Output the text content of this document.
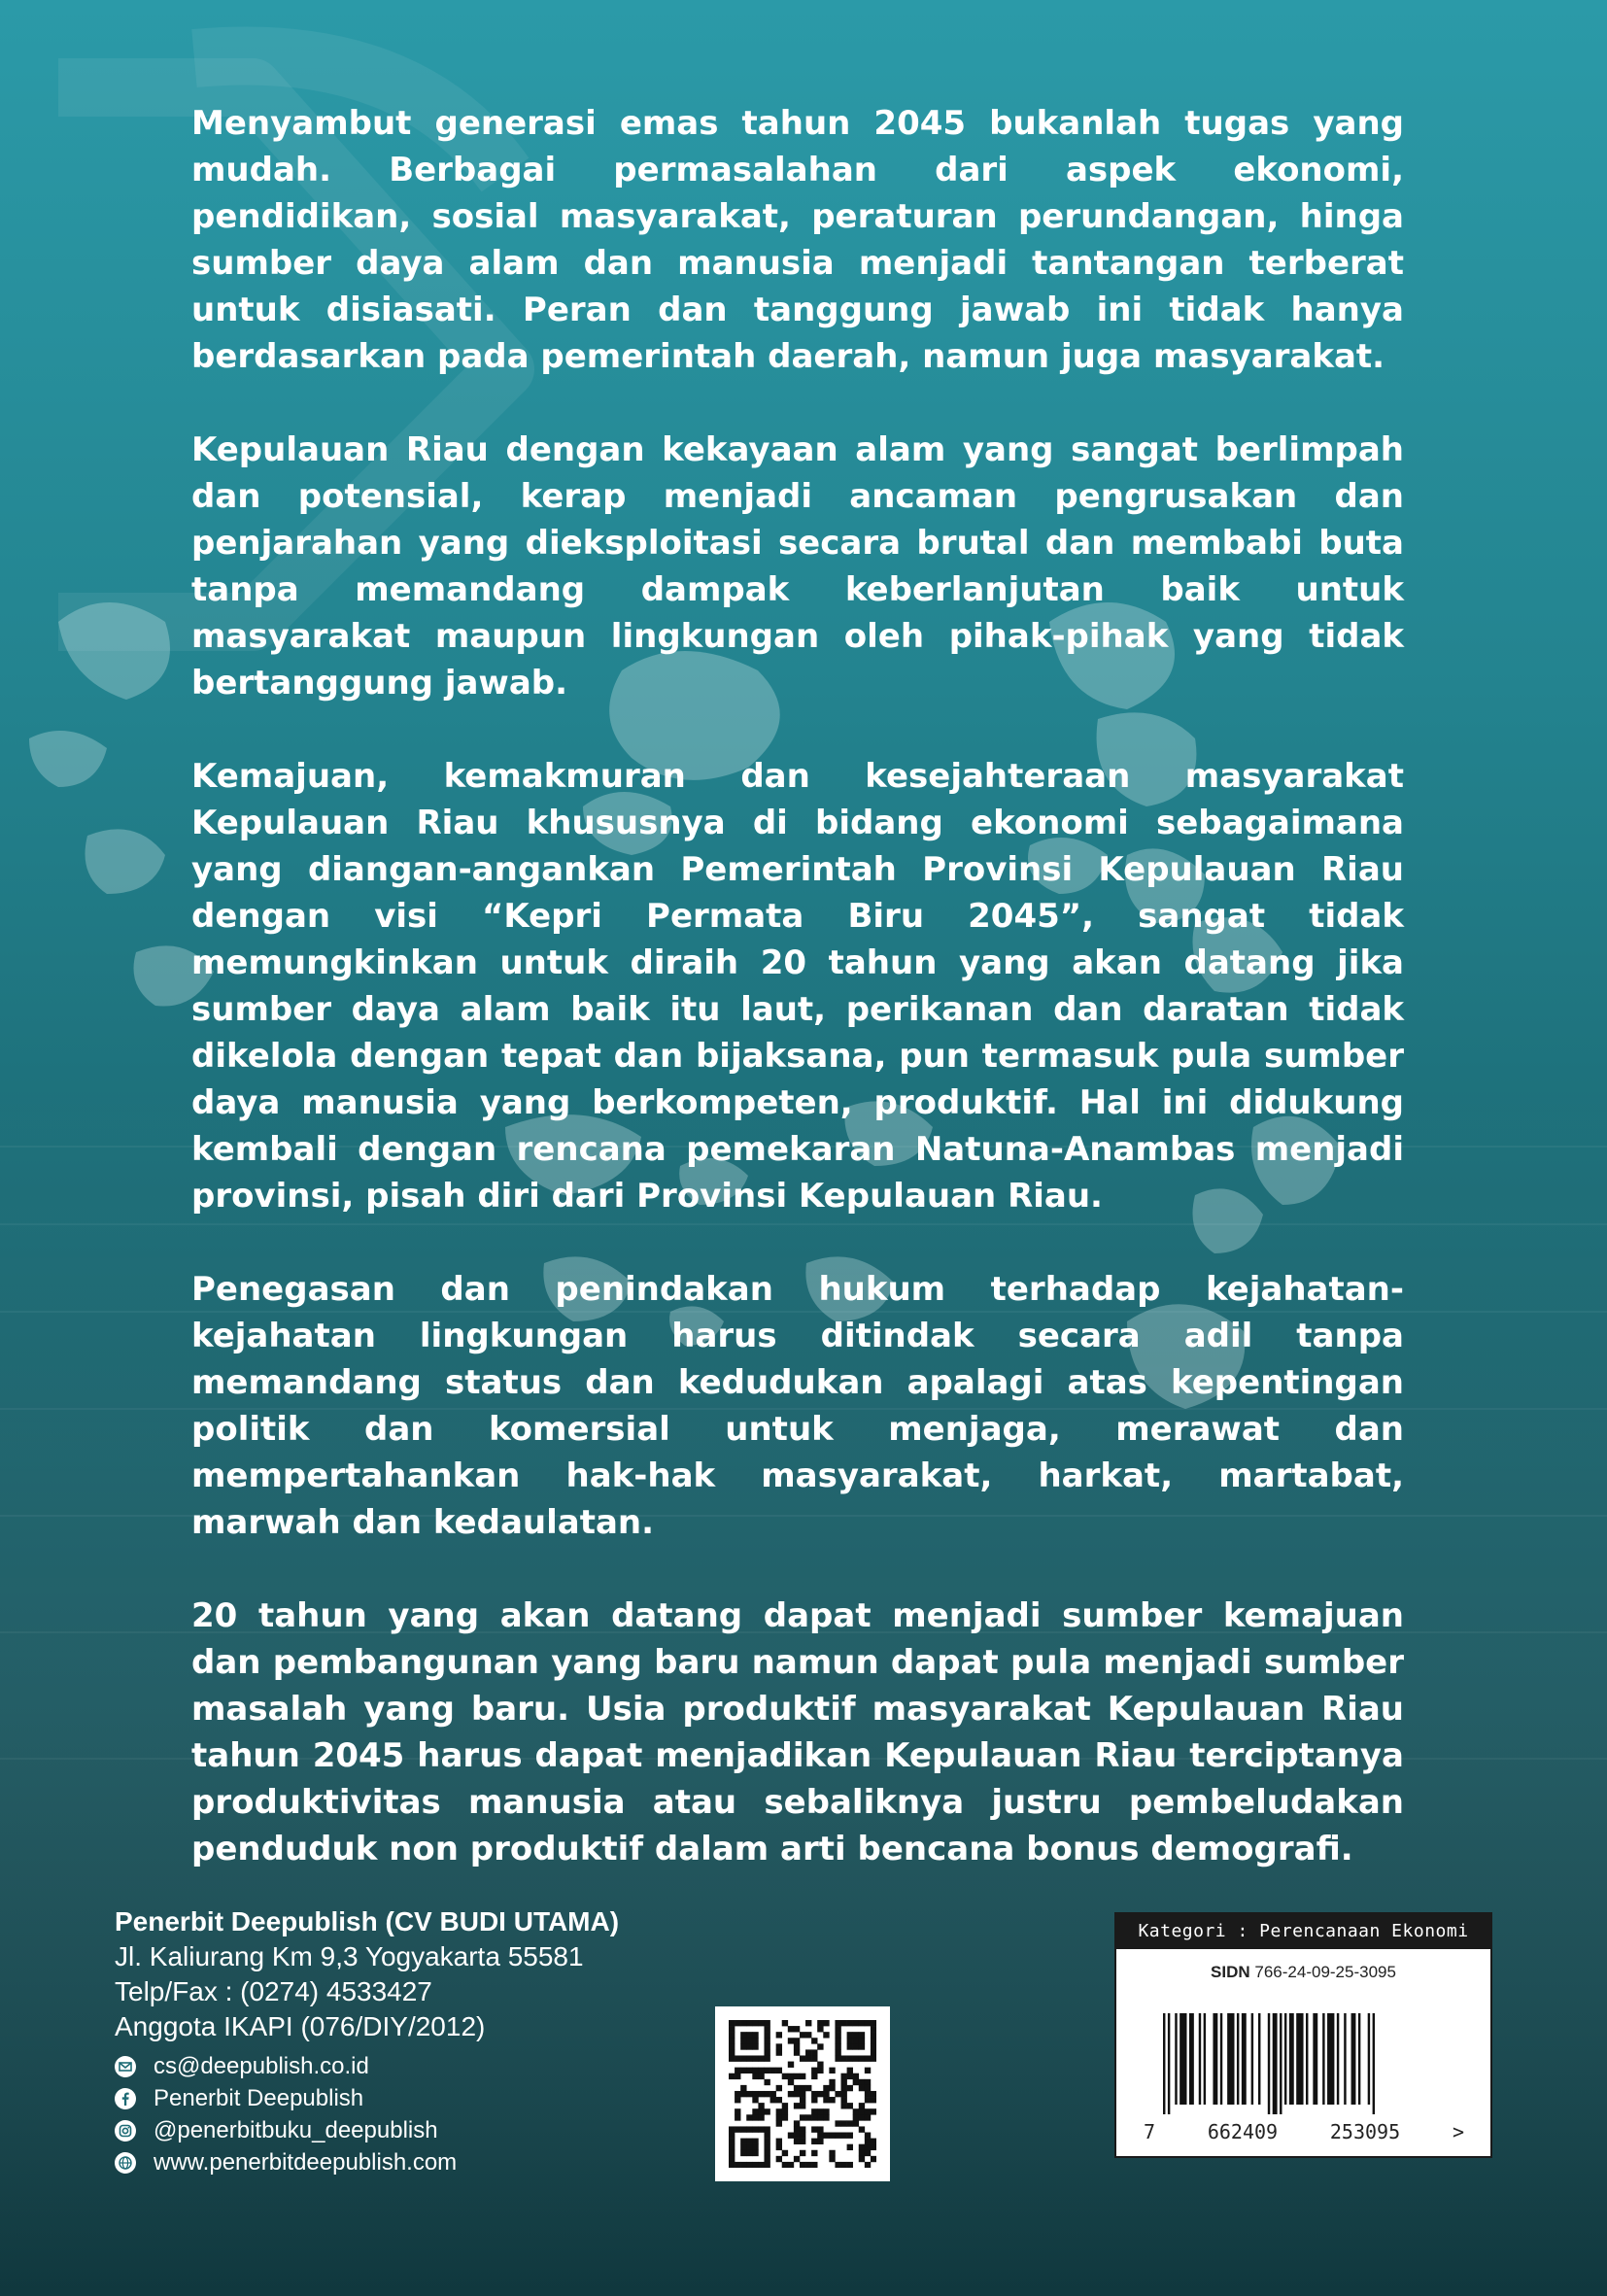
Menyambut generasi emas tahun 2045 bukanlah tugas yang mudah. Berbagai permasalahan dari aspek ekonomi, pendidikan, sosial masyarakat, peraturan perundangan, hinga sumber daya alam dan manusia menjadi tantangan terberat untuk disiasati. Peran dan tanggung jawab ini tidak hanya berdasarkan pada pemerintah daerah, namun juga masyarakat.

Kepulauan Riau dengan kekayaan alam yang sangat berlimpah dan potensial, kerap menjadi ancaman pengrusakan dan penjarahan yang dieksploitasi secara brutal dan membabi buta tanpa memandang dampak keberlanjutan baik untuk masyarakat maupun lingkungan oleh pihak-pihak yang tidak bertanggung jawab.

Kemajuan, kemakmuran dan kesejahteraan masyarakat Kepulauan Riau khususnya di bidang ekonomi sebagaimana yang diangan-angankan Pemerintah Provinsi Kepulauan Riau dengan visi “Kepri Permata Biru 2045”, sangat tidak memungkinkan untuk diraih 20 tahun yang akan datang jika sumber daya alam baik itu laut, perikanan dan daratan tidak dikelola dengan tepat dan bijaksana, pun termasuk pula sumber daya manusia yang berkompeten, produktif. Hal ini didukung kembali dengan rencana pemekaran Natuna-Anambas menjadi provinsi, pisah diri dari Provinsi Kepulauan Riau.

Penegasan dan penindakan hukum terhadap kejahatan-kejahatan lingkungan harus ditindak secara adil tanpa memandang status dan kedudukan apalagi atas kepentingan politik dan komersial untuk menjaga, merawat dan mempertahankan hak-hak masyarakat, harkat, martabat, marwah dan kedaulatan.

20 tahun yang akan datang dapat menjadi sumber kemajuan dan pembangunan yang baru namun dapat pula menjadi sumber masalah yang baru. Usia produktif masyarakat Kepulauan Riau tahun 2045 harus dapat menjadikan Kepulauan Riau terciptanya produktivitas manusia atau sebaliknya justru pembeludakan penduduk non produktif dalam arti bencana bonus demografi.

Penerbit Deepublish (CV BUDI UTAMA)
Jl. Kaliurang Km 9,3 Yogyakarta 55581
Telp/Fax : (0274) 4533427
Anggota IKAPI (076/DIY/2012)
cs@deepublish.co.id
Penerbit Deepublish
@penerbitbuku_deepublish
www.penerbitdeepublish.com
Kategori : Perencanaan Ekonomi
SIDN 766-24-09-25-3095
7	662409	253095	>
